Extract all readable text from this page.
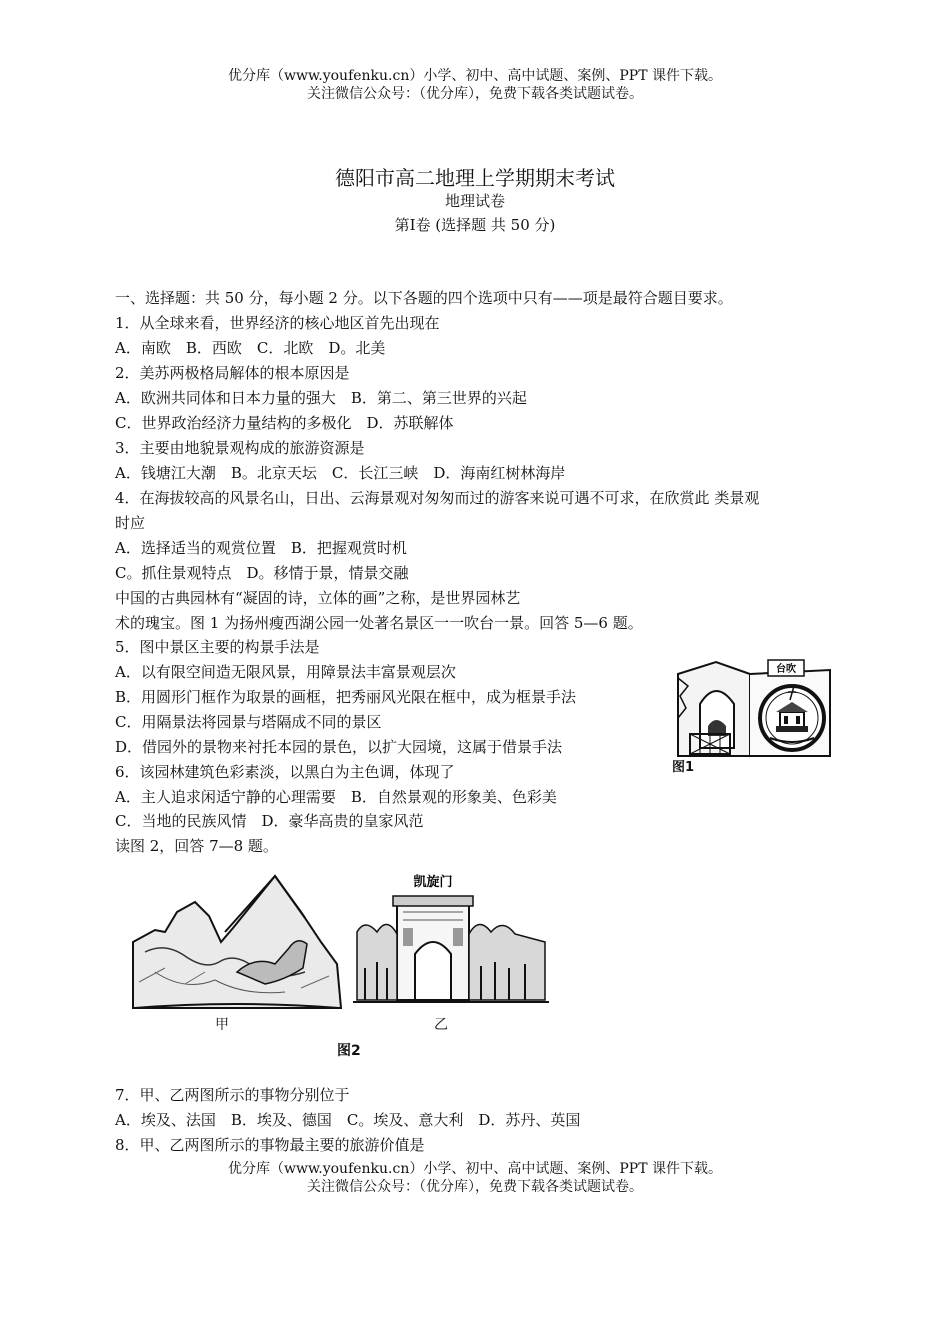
优分库（www.youfenku.cn）小学、初中、高中试题、案例、PPT 课件下载。
关注微信公众号：（优分库），免费下载各类试题试卷。
德阳市高二地理上学期期末考试
地理试卷
第Ⅰ卷 (选择题 共 50 分)
一、选择题：共 50 分，每小题 2 分。以下各题的四个选项中只有——项是最符合题目要求。
1．从全球来看，世界经济的核心地区首先出现在
A．南欧　B．西欧　C．北欧　D。北美
2．美苏两极格局解体的根本原因是
A．欧洲共同体和日本力量的强大　B．第二、第三世界的兴起
C．世界政治经济力量结构的多极化　D．苏联解体
3．主要由地貌景观构成的旅游资源是
A．钱塘江大潮　B。北京天坛　C．长江三峡　D．海南红树林海岸
4．在海拔较高的风景名山，日出、云海景观对匆匆而过的游客来说可遇不可求，在欣赏此 类景观
时应
A．选择适当的观赏位置　B．把握观赏时机
C。抓住景观特点　D。移情于景，情景交融
中国的古典园林有“凝固的诗，立体的画”之称，是世界园林艺
术的瑰宝。图 1 为扬州瘦西湖公园一处著名景区一一吹台一景。回答 5—6 题。
5．图中景区主要的构景手法是
A．以有限空间造无限风景，用障景法丰富景观层次
B．用圆形门框作为取景的画框，把秀丽风光限在框中，成为框景手法
C．用隔景法将园景与塔隔成不同的景区
D．借园外的景物来衬托本园的景色，以扩大园境，这属于借景手法
6．该园林建筑色彩素淡，以黑白为主色调，体现了
A．主人追求闲适宁静的心理需要　B．自然景观的形象美、色彩美
C．当地的民族风情　D．豪华高贵的皇家风范
读图 2，回答 7—8 题。
台吹
图1
凯旋门
甲	乙
图2
7．甲、乙两图所示的事物分别位于
A．埃及、法国　B．埃及、德国　C。埃及、意大利　D．苏丹、英国
8．甲、乙两图所示的事物最主要的旅游价值是
优分库（www.youfenku.cn）小学、初中、高中试题、案例、PPT 课件下载。
关注微信公众号：（优分库），免费下载各类试题试卷。
